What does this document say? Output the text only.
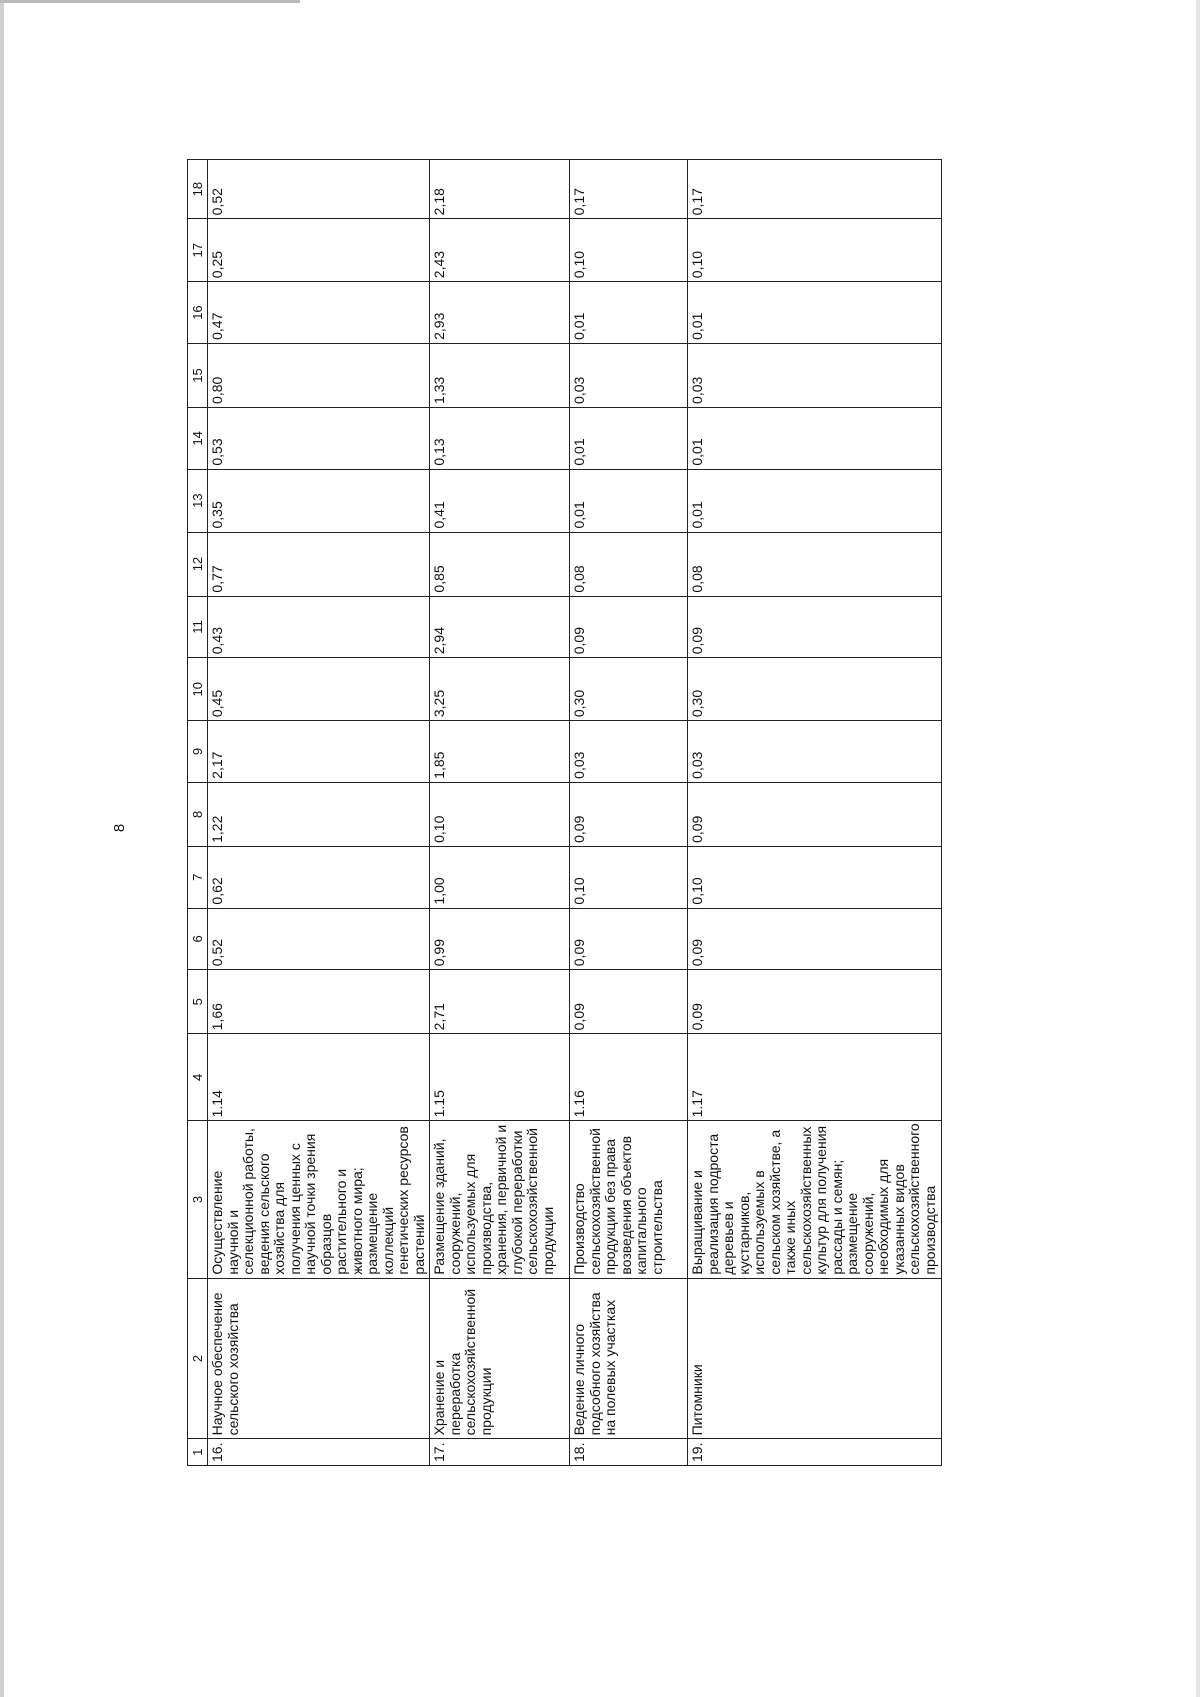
8
1	2	3	4	5	6	7	8	9	10	11	12	13	14	15	16	17	18
16.	Научное обеспечение сельского хозяйства	Осуществление научной и селекционной работы, ведения сельского хозяйства для получения ценных с научной точки зрения образцов растительного и животного мира; размещение коллекций генетических ресурсов растений	1.14	1,66	0,52	0,62	1,22	2,17	0,45	0,43	0,77	0,35	0,53	0,80	0,47	0,25	0,52
17.	Хранение и переработка сельскохозяйственной продукции	Размещение зданий, сооружений, используемых для производства, хранения, первичной и глубокой переработки сельскохозяйственной продукции	1.15	2,71	0,99	1,00	0,10	1,85	3,25	2,94	0,85	0,41	0,13	1,33	2,93	2,43	2,18
18.	Ведение личного подсобного хозяйства на полевых участках	Производство сельскохозяйственной продукции без права возведения объектов капитального строительства	1.16	0,09	0,09	0,10	0,09	0,03	0,30	0,09	0,08	0,01	0,01	0,03	0,01	0,10	0,17
19.	Питомники	Выращивание и реализация подроста деревьев и кустарников, используемых в сельском хозяйстве, а также иных сельскохозяйственных культур для получения рассады и семян; размещение сооружений, необходимых для указанных видов сельскохозяйственного производства	1.17	0,09	0,09	0,10	0,09	0,03	0,30	0,09	0,08	0,01	0,01	0,03	0,01	0,10	0,17
